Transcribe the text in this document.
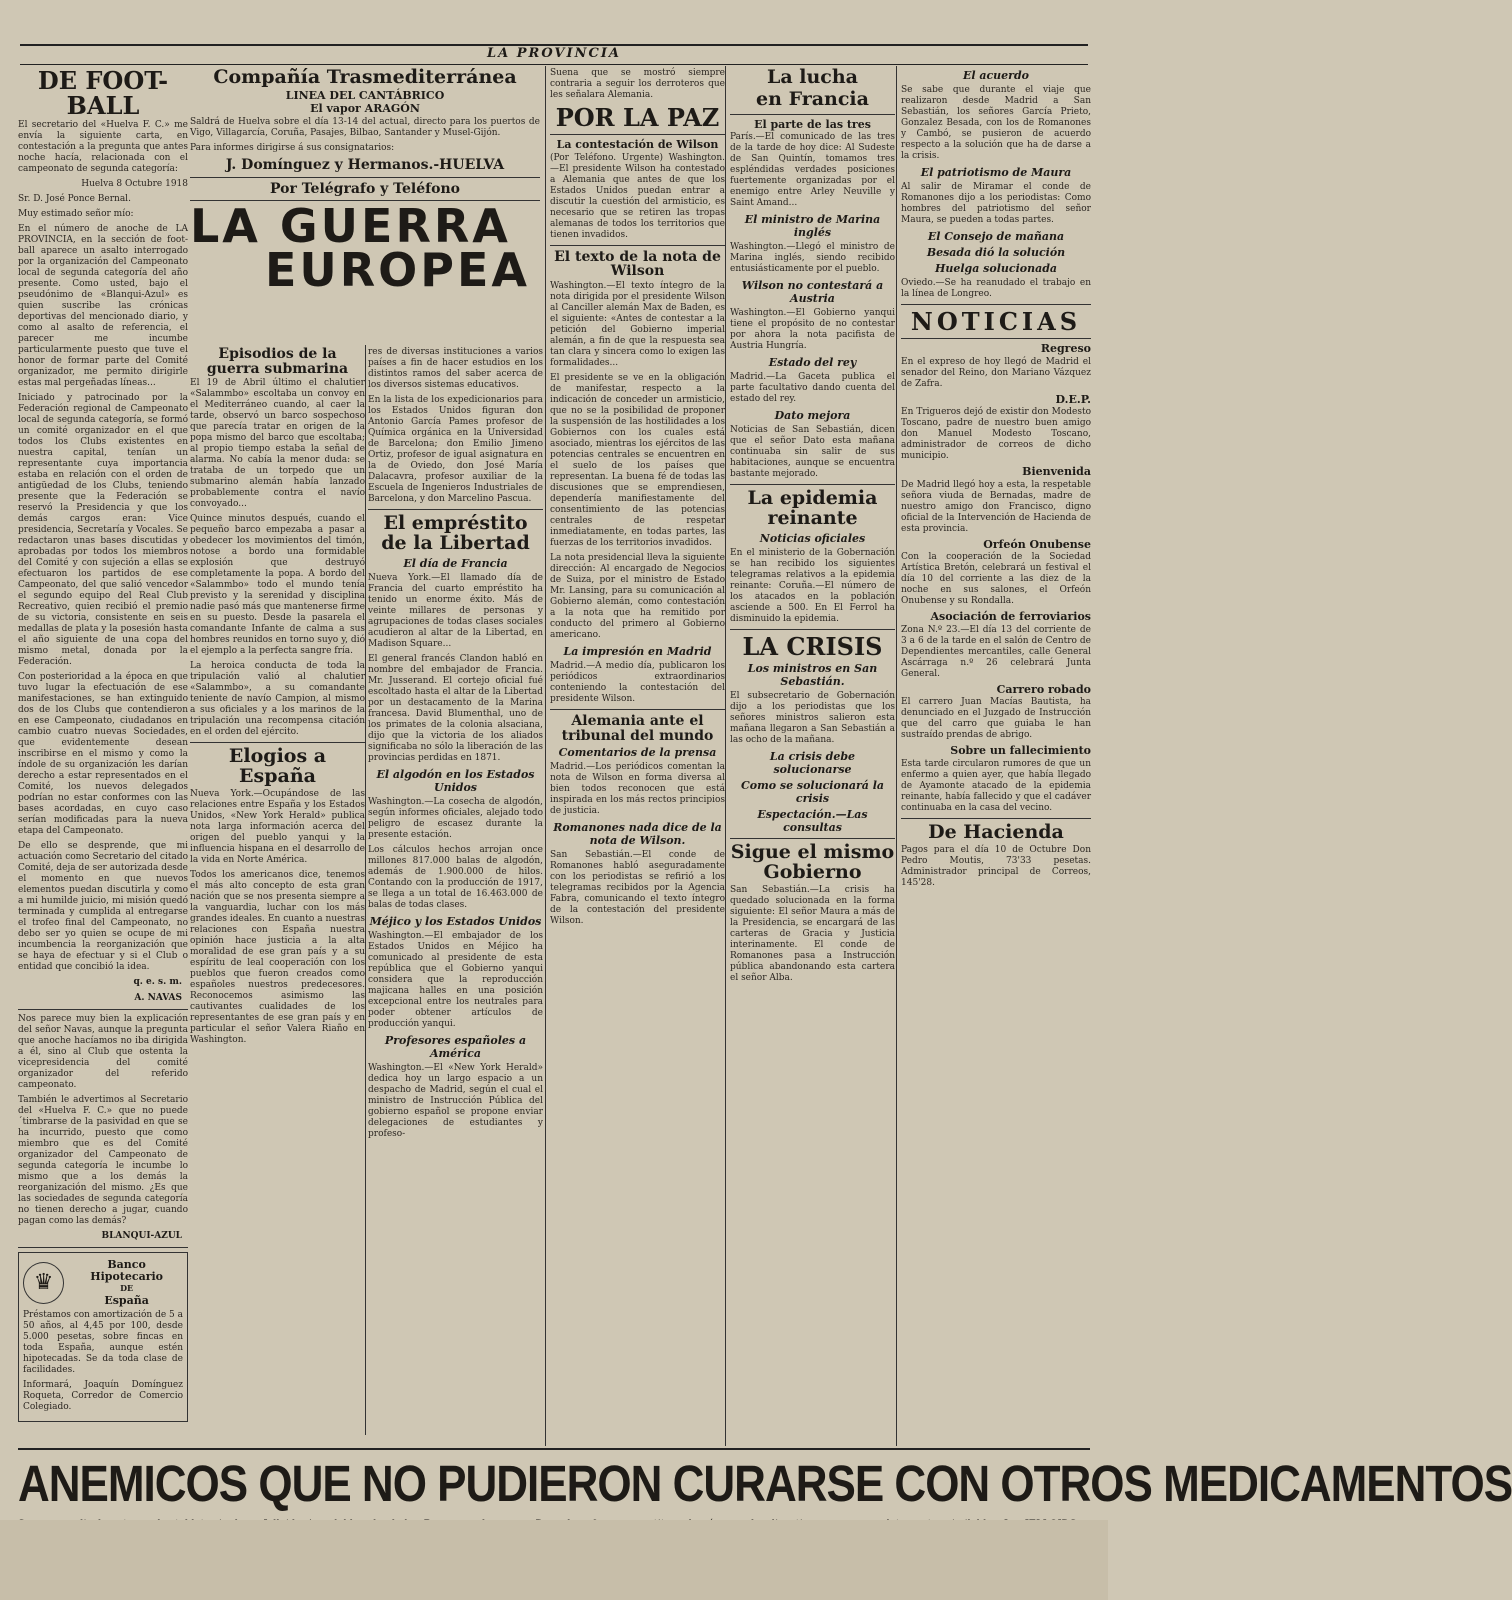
LA PROVINCIA
DE FOOT-BALL
El secretario del «Huelva F. C.» me envía la siguiente carta, en contestación a la pregunta que antes noche hacía, relacionada con el campeonato de segunda categoría:
Huelva 8 Octubre 1918
Sr. D. José Ponce Bernal.
Muy estimado señor mío:
En el número de anoche de LA PROVINCIA, en la sección de foot-ball aparece un asalto interrogado por la organización del Campeonato local de segunda categoría del año presente. Como usted, bajo el pseudónimo de «Blanqui-Azul» es quien suscribe las crónicas deportivas del mencionado diario, y como al asalto de referencia, el parecer me incumbe particularmente puesto que tuve el honor de formar parte del Comité organizador, me permito dirigirle estas mal pergeñadas líneas...
Iniciado y patrocinado por la Federación regional de Campeonato local de segunda categoría, se formó un comité organizador en el que todos los Clubs existentes en nuestra capital, tenían un representante cuya importancia estaba en relación con el orden de antigüedad de los Clubs, teniendo presente que la Federación se reservó la Presidencia y que los demás cargos eran: Vice presidencia, Secretaría y Vocales. Se redactaron unas bases discutidas y aprobadas por todos los miembros del Comité y con sujeción a ellas se efectuaron los partidos de ese Campeonato, del que salió vencedor el segundo equipo del Real Club Recreativo, quien recibió el premio de su victoria, consistente en seis medallas de plata y la posesión hasta el año siguiente de una copa del mismo metal, donada por la Federación.
Con posterioridad a la época en que tuvo lugar la efectuación de ese manifestaciones, se han extinguido dos de los Clubs que contendieron en ese Campeonato, ciudadanos en cambio cuatro nuevas Sociedades, que evidentemente desean inscribirse en el mismo y como la índole de su organización les darían derecho a estar representados en el Comité, los nuevos delegados podrían no estar conformes con las bases acordadas, en cuyo caso serían modificadas para la nueva etapa del Campeonato.
De ello se desprende, que mi actuación como Secretario del citado Comité, deja de ser autorizada desde el momento en que nuevos elementos puedan discutirla y como a mi humilde juicio, mi misión quedó terminada y cumplida al entregarse el trofeo final del Campeonato, no debo ser yo quien se ocupe de mi incumbencia la reorganización que se haya de efectuar y si el Club o entidad que concibió la idea.
q. e. s. m.
A. NAVAS
Nos parece muy bien la explicación del señor Navas, aunque la pregunta que anoche hacíamos no iba dirigida a él, sino al Club que ostenta la vicepresidencia del comité organizador del referido campeonato.
También le advertimos al Secretario del «Huelva F. C.» que no puede ´timbrarse de la pasividad en que se ha incurrido, puesto que como miembro que es del Comité organizador del Campeonato de segunda categoría le incumbe lo mismo que a los demás la reorganización del mismo. ¿Es que las sociedades de segunda categoría no tienen derecho a jugar, cuando pagan como las demás?
BLANQUI-AZUL
♛
Banco Hipotecario
DE
España
Préstamos con amortización de 5 a 50 años, al 4,45 por 100, desde 5.000 pesetas, sobre fincas en toda España, aunque estén hipotecadas. Se da toda clase de facilidades.
Informará, Joaquín Domínguez Roqueta, Corredor de Comercio Colegiado.
Compañía Trasmediterránea
LINEA DEL CANTÁBRICO
El vapor ARAGÓN
Saldrá de Huelva sobre el día 13-14 del actual, directo para los puertos de Vigo, Villagarcía, Coruña, Pasajes, Bilbao, Santander y Musel-Gijón.
Para informes dirigirse á sus consignatarios:
J. Domínguez y Hermanos.-HUELVA
Por Telégrafo y Teléfono
LA GUERRA
EUROPEA
Episodios de la guerra submarina
El 19 de Abril último el chalutier «Salammbo» escoltaba un convoy en el Mediterráneo cuando, al caer la tarde, observó un barco sospechoso que parecía tratar en origen de la popa mismo del barco que escoltaba; al propio tiempo estaba la señal de alarma. No cabía la menor duda: se trataba de un torpedo que un submarino alemán había lanzado probablemente contra el navío convoyado...
Quince minutos después, cuando el pequeño barco empezaba a pasar a obedecer los movimientos del timón, notose a bordo una formidable explosión que destruyó completamente la popa. A bordo del «Salammbo» todo el mundo tenía previsto y la serenidad y disciplina nadie pasó más que mantenerse firme en su puesto. Desde la pasarela el comandante Infante de calma a sus hombres reunidos en torno suyo y, dió el ejemplo a la perfecta sangre fría.
La heroica conducta de toda la tripulación valió al chalutier «Salammbo», a su comandante teniente de navío Campion, al mismo a sus oficiales y a los marinos de la tripulación una recompensa citación en el orden del ejército.
Elogios a España
Nueva York.—Ocupándose de las relaciones entre España y los Estados Unidos, «New York Herald» publica nota larga información acerca del origen del pueblo yanqui y la influencia hispana en el desarrollo de la vida en Norte América.
Todos los americanos dice, tenemos el más alto concepto de esta gran nación que se nos presenta siempre a la vanguardia, luchar con los más grandes ideales. En cuanto a nuestras relaciones con España nuestra opinión hace justicia a la alta moralidad de ese gran país y a su espíritu de leal cooperación con los pueblos que fueron creados como españoles nuestros predecesores. Reconocemos asimismo las cautivantes cualidades de los representantes de ese gran país y en particular el señor Valera Riaño en Washington.
res de diversas instituciones a varios países a fin de hacer estudios en los distintos ramos del saber acerca de los diversos sistemas educativos.
En la lista de los expedicionarios para los Estados Unidos figuran don Antonio García Pames profesor de Química orgánica en la Universidad de Barcelona; don Emilio Jimeno Ortiz, profesor de igual asignatura en la de Oviedo, don José María Dalacavra, profesor auxiliar de la Escuela de Ingenieros Industriales de Barcelona, y don Marcelino Pascua.
El empréstito de la Libertad
El día de Francia
Nueva York.—El llamado día de Francia del cuarto empréstito ha tenido un enorme éxito. Más de veinte millares de personas y agrupaciones de todas clases sociales acudieron al altar de la Libertad, en Madison Square...
El general francés Clandon habló en nombre del embajador de Francia. Mr. Jusserand. El cortejo oficial fué escoltado hasta el altar de la Libertad por un destacamento de la Marina francesa. David Blumenthal, uno de los primates de la colonia alsaciana, dijo que la victoria de los aliados significaba no sólo la liberación de las provincias perdidas en 1871.
El algodón en los Estados Unidos
Washington.—La cosecha de algodón, según informes oficiales, alejado todo peligro de escasez durante la presente estación.
Los cálculos hechos arrojan once millones 817.000 balas de algodón, además de 1.900.000 de hilos. Contando con la producción de 1917, se llega a un total de 16.463.000 de balas de todas clases.
Méjico y los Estados Unidos
Washington.—El embajador de los Estados Unidos en Méjico ha comunicado al presidente de esta república que el Gobierno yanqui considera que la reproducción majicana halles en una posición excepcional entre los neutrales para poder obtener artículos de producción yanqui.
Profesores españoles a América
Washington.—El «New York Herald» dedica hoy un largo espacio a un despacho de Madrid, según el cual el ministro de Instrucción Pública del gobierno español se propone enviar delegaciones de estudiantes y profeso-
Suena que se mostró siempre contraria a seguir los derroteros que les señalara Alemania.
POR LA PAZ
La contestación de Wilson
(Por Teléfono. Urgente) Washington.—El presidente Wilson ha contestado a Alemania que antes de que los Estados Unidos puedan entrar a discutir la cuestión del armisticio, es necesario que se retiren las tropas alemanas de todos los territorios que tienen invadidos.
El texto de la nota de Wilson
Washington.—El texto íntegro de la nota dirigida por el presidente Wilson al Canciller alemán Max de Baden, es el siguiente: «Antes de contestar a la petición del Gobierno imperial alemán, a fin de que la respuesta sea tan clara y sincera como lo exigen las formalidades...
El presidente se ve en la obligación de manifestar, respecto a la indicación de conceder un armisticio, que no se la posibilidad de proponer la suspensión de las hostilidades a los Gobiernos con los cuales está asociado, mientras los ejércitos de las potencias centrales se encuentren en el suelo de los países que representan. La buena fé de todas las discusiones que se emprendiesen, dependería manifiestamente del consentimiento de las potencias centrales de respetar inmediatamente, en todas partes, las fuerzas de los territorios invadidos.
La nota presidencial lleva la siguiente dirección: Al encargado de Negocios de Suiza, por el ministro de Estado Mr. Lansing, para su comunicación al Gobierno alemán, como contestación a la nota que ha remitido por conducto del primero al Gobierno americano.
La impresión en Madrid
Madrid.—A medio día, publicaron los periódicos extraordinarios conteniendo la contestación del presidente Wilson.
Alemania ante el tribunal del mundo
Comentarios de la prensa
Madrid.—Los periódicos comentan la nota de Wilson en forma diversa al bien todos reconocen que está inspirada en los más rectos principios de justicia.
Romanones nada dice de la nota de Wilson.
San Sebastián.—El conde de Romanones habló aseguradamente con los periodistas se refirió a los telegramas recibidos por la Agencia Fabra, comunicando el texto íntegro de la contestación del presidente Wilson.
La lucha
en Francia
El parte de las tres
París.—El comunicado de las tres de la tarde de hoy dice: Al Sudeste de San Quintín, tomamos tres espléndidas verdades posiciones fuertemente organizadas por el enemigo entre Arley Neuville y Saint Amand...
El ministro de Marina inglés
Washington.—Llegó el ministro de Marina inglés, siendo recibido entusiásticamente por el pueblo.
Wilson no contestará a Austria
Washington.—El Gobierno yanqui tiene el propósito de no contestar por ahora la nota pacifista de Austria Hungría.
Estado del rey
Madrid.—La Gaceta publica el parte facultativo dando cuenta del estado del rey.
Dato mejora
Noticias de San Sebastián, dicen que el señor Dato esta mañana continuaba sin salir de sus habitaciones, aunque se encuentra bastante mejorado.
La epidemia reinante
Noticias oficiales
En el ministerio de la Gobernación se han recibido los siguientes telegramas relativos a la epidemia reinante: Coruña.—El número de los atacados en la población asciende a 500. En El Ferrol ha disminuido la epidemia.
LA CRISIS
Los ministros en San Sebastián.
El subsecretario de Gobernación dijo a los periodistas que los señores ministros salieron esta mañana llegaron a San Sebastián a las ocho de la mañana.
La crisis debe solucionarse
Como se solucionará la crisis
Espectación.—Las consultas
Sigue el mismo Gobierno
San Sebastián.—La crisis ha quedado solucionada en la forma siguiente: El señor Maura a más de la Presidencia, se encargará de las carteras de Gracia y Justicia interinamente. El conde de Romanones pasa a Instrucción pública abandonando esta cartera el señor Alba.
El acuerdo
Se sabe que durante el viaje que realizaron desde Madrid a San Sebastián, los señores García Prieto, Gonzalez Besada, con los de Romanones y Cambó, se pusieron de acuerdo respecto a la solución que ha de darse a la crisis.
El patriotismo de Maura
Al salir de Miramar el conde de Romanones dijo a los periodistas: Como hombres del patriotismo del señor Maura, se pueden a todas partes.
El Consejo de mañana
Besada dió la solución
Huelga solucionada
Oviedo.—Se ha reanudado el trabajo en la línea de Longreo.
NOTICIAS
Regreso
En el expreso de hoy llegó de Madrid el senador del Reino, don Mariano Vázquez de Zafra.
D.E.P.
En Trigueros dejó de existir don Modesto Toscano, padre de nuestro buen amigo don Manuel Modesto Toscano, administrador de correos de dicho municipio.
Bienvenida
De Madrid llegó hoy a esta, la respetable señora viuda de Bernadas, madre de nuestro amigo don Francisco, digno oficial de la Intervención de Hacienda de esta provincia.
Orfeón Onubense
Con la cooperación de la Sociedad Artística Bretón, celebrará un festival el día 10 del corriente a las diez de la noche en sus salones, el Orfeón Onubense y su Rondalla.
Asociación de ferroviarios
Zona N.º 23.—El día 13 del corriente de 3 a 6 de la tarde en el salón de Centro de Dependientes mercantiles, calle General Ascárraga n.º 26 celebrará Junta General.
Carrero robado
El carrero Juan Macías Bautista, ha denunciado en el Juzgado de Instrucción que del carro que guiaba le han sustraído prendas de abrigo.
Sobre un fallecimiento
Esta tarde circularon rumores de que un enfermo a quien ayer, que había llegado de Ayamonte atacado de la epidemia reinante, había fallecido y que el cadáver continuaba en la casa del vecino.
De Hacienda
Pagos para el día 10 de Octubre Don Pedro Moutis, 73'33 pesetas. Administrador principal de Correos, 145'28.
ANEMICOS QUE NO PUDIERON CURARSE CON OTROS MEDICAMENTOS
